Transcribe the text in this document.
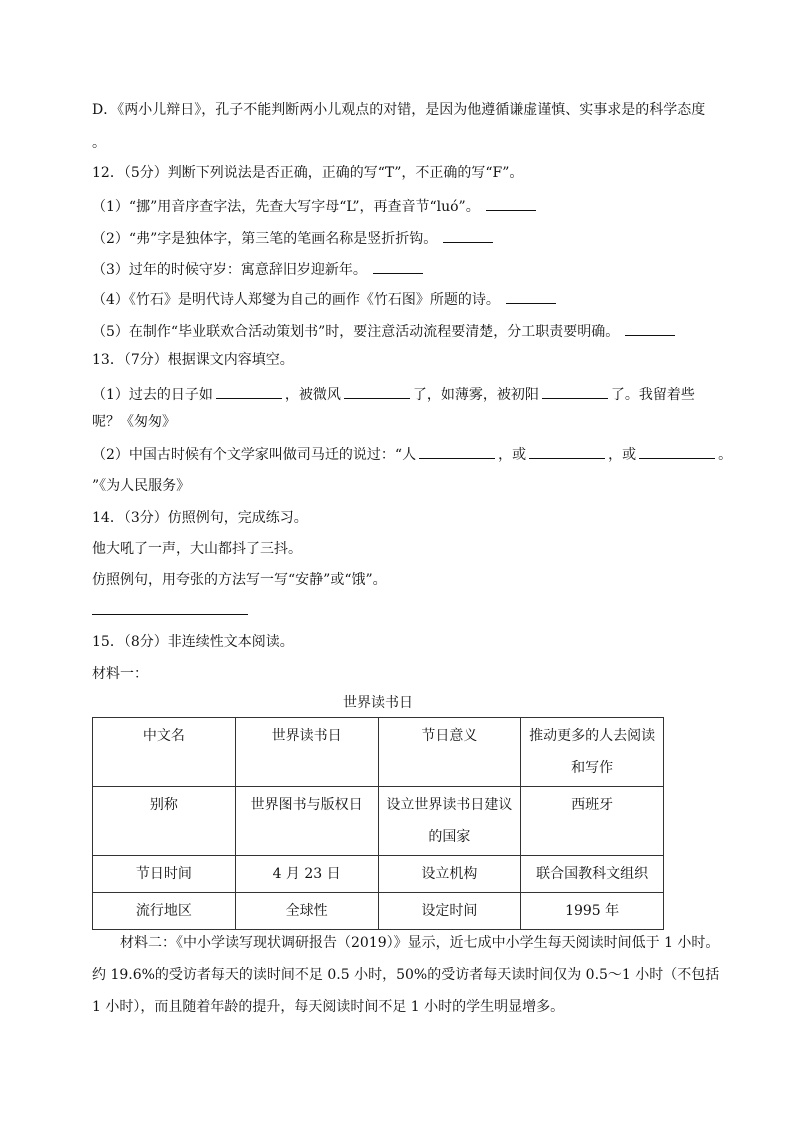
D．《两小儿辩日》，孔子不能判断两小儿观点的对错，是因为他遵循谦虚谨慎、实事求是的科学态度
。
12．（5分）判断下列说法是否正确，正确的写“T”，不正确的写“F”。
（1）“挪”用音序查字法，先查大写字母“L”，再查音节“luó”。
（2）“弗”字是独体字，第三笔的笔画名称是竖折折钩。
（3）过年的时候守岁：寓意辞旧岁迎新年。
（4）《竹石》是明代诗人郑燮为自己的画作《竹石图》所题的诗。
（5）在制作“毕业联欢合活动策划书”时，要注意活动流程要清楚，分工职责要明确。
13．（7分）根据课文内容填空。
（1）过去的日子如	，被微风	了，如薄雾，被初阳	了。我留着些
呢？《匆匆》
（2）中国古时候有个文学家叫做司马迁的说过：“人	，或	，或	。
”《为人民服务》
14．（3分）仿照例句，完成练习。
他大吼了一声，大山都抖了三抖。
仿照例句，用夸张的方法写一写“安静”或“饿”。
15．（8分）非连续性文本阅读。
材料一：
世界读书日
中文名	世界读书日	节日意义	推动更多的人去阅读和写作
别称	世界图书与版权日	设立世界读书日建议的国家	西班牙
节日时间	4 月 23 日	设立机构	联合国教科文组织
流行地区	全球性	设定时间	1995 年
材料二：《中小学读写现状调研报告（2019）》显示，近七成中小学生每天阅读时间低于 1 小时。约 19.6%的受访者每天的读时间不足 0.5 小时，50%的受访者每天读时间仅为 0.5～1 小时（不包括 1 小时），而且随着年龄的提升，每天阅读时间不足 1 小时的学生明显增多。
